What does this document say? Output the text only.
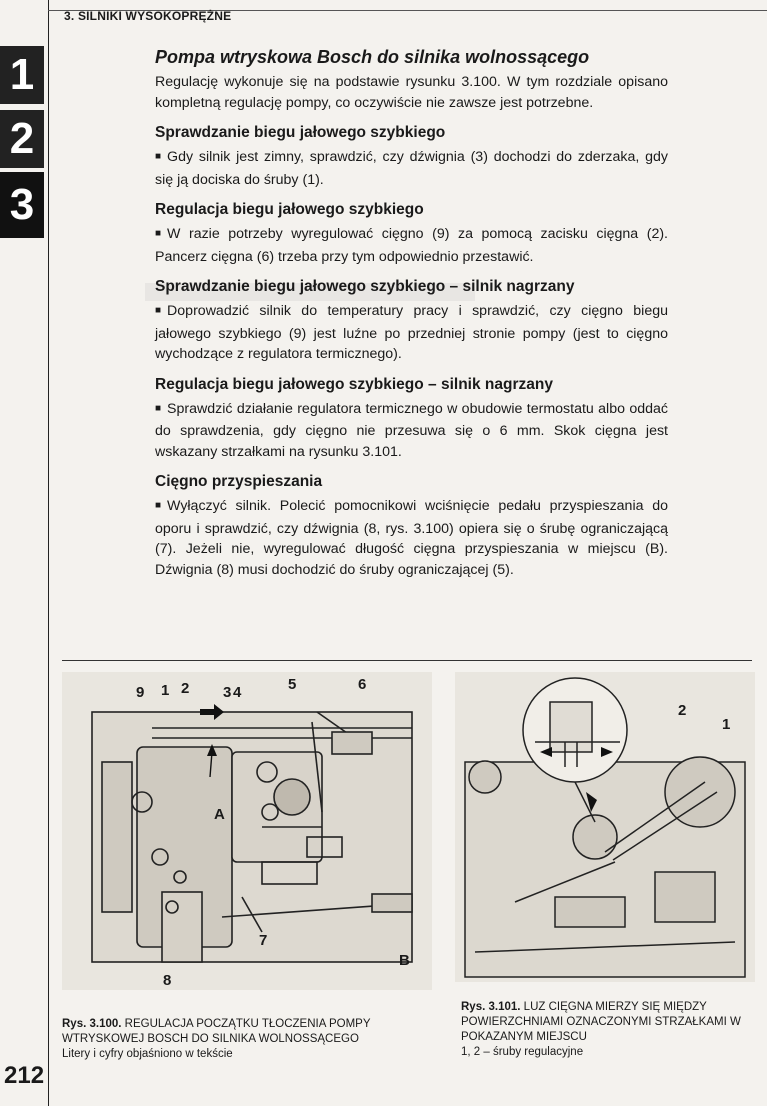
3. SILNIKI WYSOKOPRĘŻNE
1
2
3
Pompa wtryskowa Bosch do silnika wolnossącego

Regulację wykonuje się na podstawie rysunku 3.100. W tym rozdziale opisano kompletną regulację pompy, co oczywiście nie zawsze jest potrzebne.

Sprawdzanie biegu jałowego szybkiego

■ Gdy silnik jest zimny, sprawdzić, czy dźwignia (3) dochodzi do zderzaka, gdy się ją dociska do śruby (1).

Regulacja biegu jałowego szybkiego

■ W razie potrzeby wyregulować cięgno (9) za pomocą zacisku cięgna (2). Pancerz cięgna (6) trzeba przy tym odpowiednio przestawić.

Sprawdzanie biegu jałowego szybkiego – silnik nagrzany

■ Doprowadzić silnik do temperatury pracy i sprawdzić, czy cięgno biegu jałowego szybkiego (9) jest luźne po przedniej stronie pompy (jest to cięgno wychodzące z regulatora termicznego).

Regulacja biegu jałowego szybkiego – silnik nagrzany

■ Sprawdzić działanie regulatora termicznego w obudowie termostatu albo oddać do sprawdzenia, gdy cięgno nie przesuwa się o 6 mm. Skok cięgna jest wskazany strzałkami na rysunku 3.101.

Cięgno przyspieszania

■ Wyłączyć silnik. Polecić pomocnikowi wciśnięcie pedału przyspieszania do oporu i sprawdzić, czy dźwignia (8, rys. 3.100) opiera się o śrubę ograniczającą (7). Jeżeli nie, wyregulować długość cięgna przyspieszania w miejscu (B). Dźwignia (8) musi dochodzić do śruby ograniczającej (5).

9 1 2 3 4	5	6
A
7
8
B
2
1
Rys. 3.100. REGULACJA POCZĄTKU TŁOCZENIA POMPY WTRYSKOWEJ BOSCH DO SILNIKA WOLNOSSĄCEGO
Litery i cyfry objaśniono w tekście
Rys. 3.101. LUZ CIĘGNA MIERZY SIĘ MIĘDZY POWIERZCHNIAMI OZNACZONYMI STRZAŁKAMI W POKAZANYM MIEJSCU
1, 2 – śruby regulacyjne
212
